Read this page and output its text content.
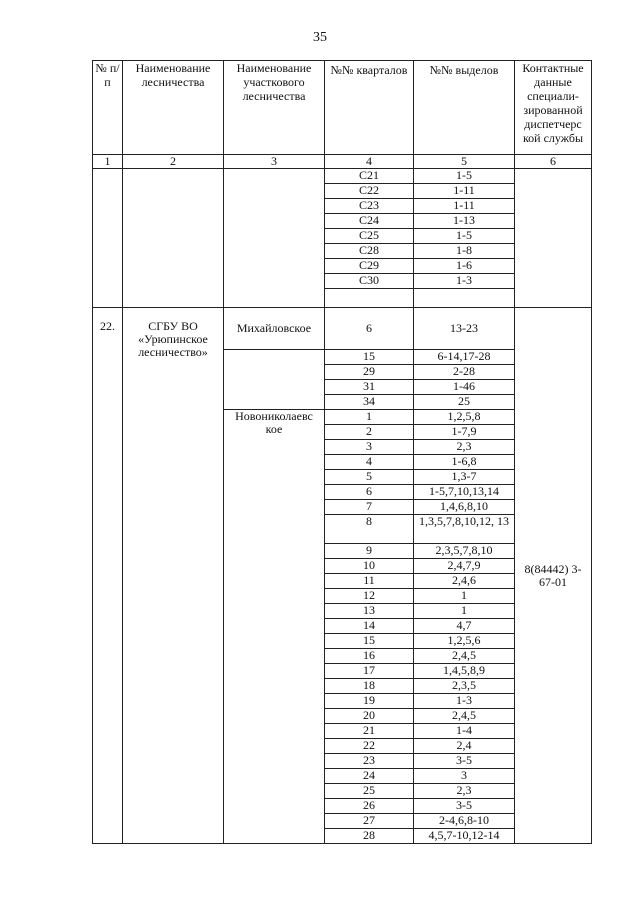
35
№ п/п	Наименование лесничества	Наименование участкового лесничества	№№ кварталов	№№ выделов	Контактные данные специали-зированной диспетчерс кой службы
1	2	3	4	5	6
			С21	1-5	
			С22	1-11	
			С23	1-11	
			С24	1-13	
			С25	1-5	
			С28	1-8	
			С29	1-6	
			С30	1-3	

22.	СГБУ ВО «Урюпинское лесничество»	Михайловское	6	13-23	8(84442) 3-67-01
			15	6-14,17-28	
			29	2-28	
			31	1-46	
			34	25	
		Новониколаевс кое	1	1,2,5,8	
			2	1-7,9	
			3	2,3	
			4	1-6,8	
			5	1,3-7	
			6	1-5,7,10,13,14	
			7	1,4,6,8,10	
			8	1,3,5,7,8,10,12, 13	
			9	2,3,5,7,8,10	
			10	2,4,7,9	
			11	2,4,6	
			12	1	
			13	1	
			14	4,7	
			15	1,2,5,6	
			16	2,4,5	
			17	1,4,5,8,9	
			18	2,3,5	
			19	1-3	
			20	2,4,5	
			21	1-4	
			22	2,4	
			23	3-5	
			24	3	
			25	2,3	
			26	3-5	
			27	2-4,6,8-10	
			28	4,5,7-10,12-14	
